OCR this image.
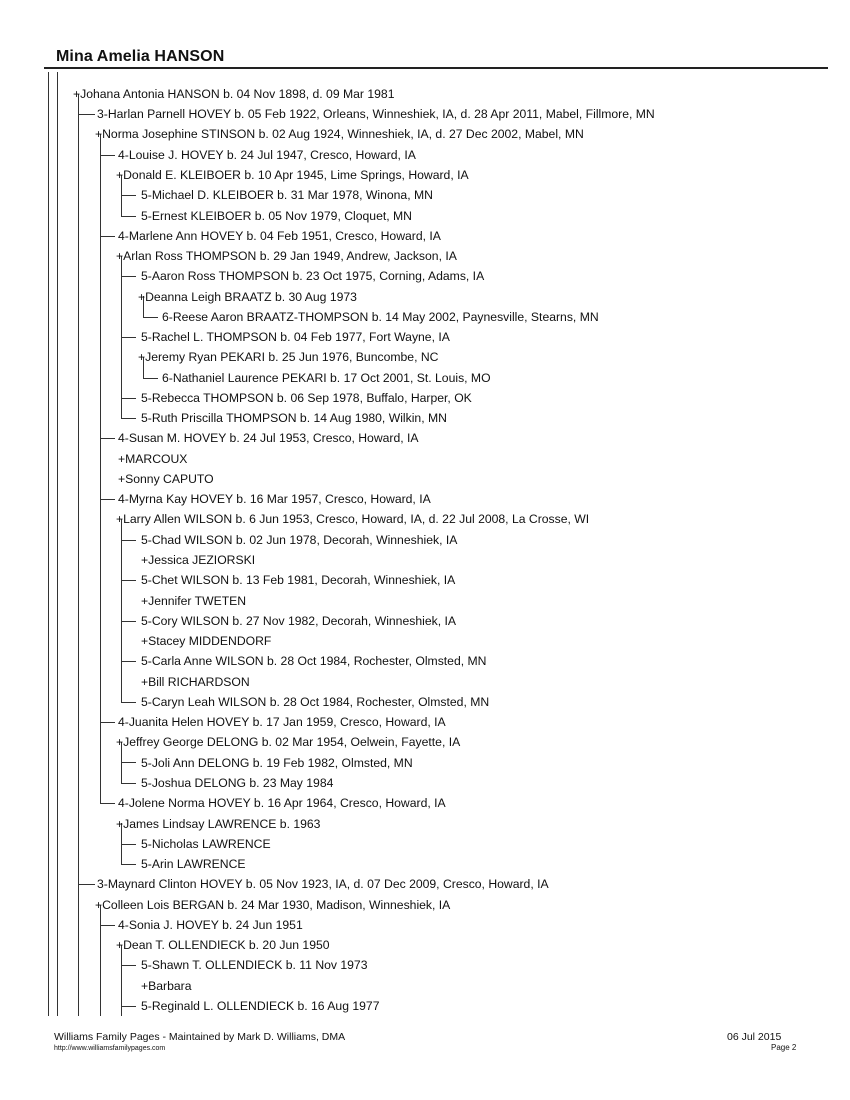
Mina Amelia HANSON
+Johana Antonia HANSON b. 04 Nov 1898, d. 09 Mar 1981
3-Harlan Parnell HOVEY b. 05 Feb 1922, Orleans, Winneshiek, IA, d. 28 Apr 2011, Mabel, Fillmore, MN
+Norma Josephine STINSON b. 02 Aug 1924, Winneshiek, IA, d. 27 Dec 2002, Mabel, MN
4-Louise J. HOVEY b. 24 Jul 1947, Cresco, Howard, IA
+Donald E. KLEIBOER b. 10 Apr 1945, Lime Springs, Howard, IA
5-Michael D. KLEIBOER b. 31 Mar 1978, Winona, MN
5-Ernest KLEIBOER b. 05 Nov 1979, Cloquet, MN
4-Marlene Ann HOVEY b. 04 Feb 1951, Cresco, Howard, IA
+Arlan Ross THOMPSON b. 29 Jan 1949, Andrew, Jackson, IA
5-Aaron Ross THOMPSON b. 23 Oct 1975, Corning, Adams, IA
+Deanna Leigh BRAATZ b. 30 Aug 1973
6-Reese Aaron BRAATZ-THOMPSON b. 14 May 2002, Paynesville, Stearns, MN
5-Rachel L. THOMPSON b. 04 Feb 1977, Fort Wayne, IA
+Jeremy Ryan PEKARI b. 25 Jun 1976, Buncombe, NC
6-Nathaniel Laurence PEKARI b. 17 Oct 2001, St. Louis, MO
5-Rebecca THOMPSON b. 06 Sep 1978, Buffalo, Harper, OK
5-Ruth Priscilla THOMPSON b. 14 Aug 1980, Wilkin, MN
4-Susan M. HOVEY b. 24 Jul 1953, Cresco, Howard, IA
+MARCOUX
+Sonny CAPUTO
4-Myrna Kay HOVEY b. 16 Mar 1957, Cresco, Howard, IA
+Larry Allen WILSON b. 6 Jun 1953, Cresco, Howard, IA, d. 22 Jul 2008, La Crosse, WI
5-Chad WILSON b. 02 Jun 1978, Decorah, Winneshiek, IA
+Jessica JEZIORSKI
5-Chet WILSON b. 13 Feb 1981, Decorah, Winneshiek, IA
+Jennifer TWETEN
5-Cory WILSON b. 27 Nov 1982, Decorah, Winneshiek, IA
+Stacey MIDDENDORF
5-Carla Anne WILSON b. 28 Oct 1984, Rochester, Olmsted, MN
+Bill RICHARDSON
5-Caryn Leah WILSON b. 28 Oct 1984, Rochester, Olmsted, MN
4-Juanita Helen HOVEY b. 17 Jan 1959, Cresco, Howard, IA
+Jeffrey George DELONG b. 02 Mar 1954, Oelwein, Fayette, IA
5-Joli Ann DELONG b. 19 Feb 1982, Olmsted, MN
5-Joshua DELONG b. 23 May 1984
4-Jolene Norma HOVEY b. 16 Apr 1964, Cresco, Howard, IA
+James Lindsay LAWRENCE b. 1963
5-Nicholas LAWRENCE
5-Arin LAWRENCE
3-Maynard Clinton HOVEY b. 05 Nov 1923, IA, d. 07 Dec 2009, Cresco, Howard, IA
+Colleen Lois BERGAN b. 24 Mar 1930, Madison, Winneshiek, IA
4-Sonia J. HOVEY b. 24 Jun 1951
+Dean T. OLLENDIECK b. 20 Jun 1950
5-Shawn T. OLLENDIECK b. 11 Nov 1973
+Barbara
5-Reginald L. OLLENDIECK b. 16 Aug 1977
Williams Family Pages - Maintained by Mark D. Williams, DMA
http://www.williamsfamilypages.com
06 Jul 2015
Page 2
